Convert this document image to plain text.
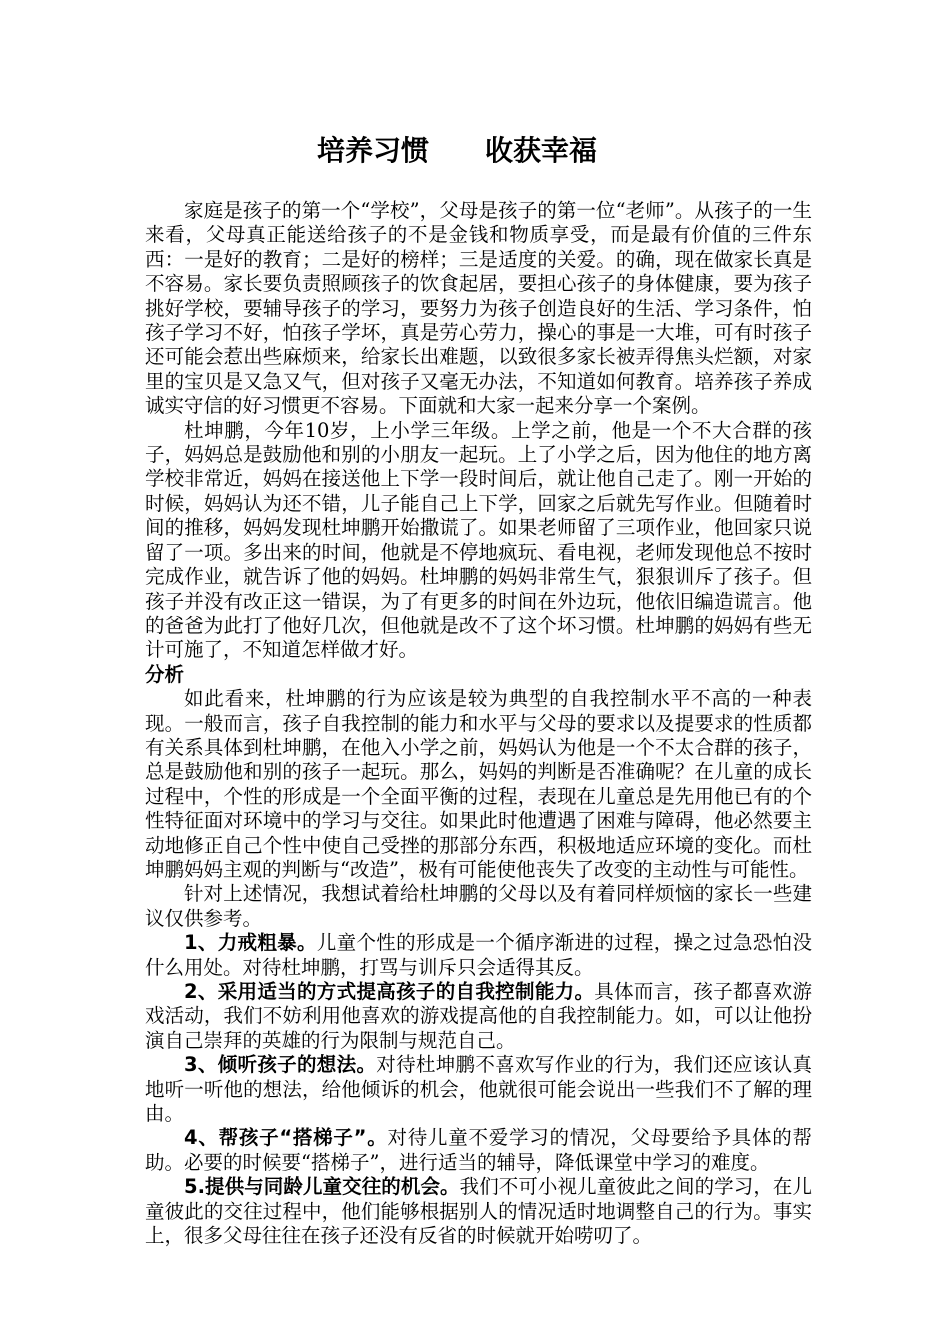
培养习惯　　收获幸福

家庭是孩子的第一个“学校”，父母是孩子的第一位“老师”。从孩子的一生来看，父母真正能送给孩子的不是金钱和物质享受，而是最有价值的三件东西：一是好的教育；二是好的榜样；三是适度的关爱。的确，现在做家长真是不容易。家长要负责照顾孩子的饮食起居，要担心孩子的身体健康，要为孩子挑好学校，要辅导孩子的学习，要努力为孩子创造良好的生活、学习条件，怕孩子学习不好，怕孩子学坏，真是劳心劳力，操心的事是一大堆，可有时孩子还可能会惹出些麻烦来，给家长出难题，以致很多家长被弄得焦头烂额，对家里的宝贝是又急又气，但对孩子又毫无办法，不知道如何教育。培养孩子养成诚实守信的好习惯更不容易。下面就和大家一起来分享一个案例。

杜坤鹏，今年10岁，上小学三年级。上学之前，他是一个不大合群的孩子，妈妈总是鼓励他和别的小朋友一起玩。上了小学之后，因为他住的地方离学校非常近，妈妈在接送他上下学一段时间后，就让他自己走了。刚一开始的时候，妈妈认为还不错，儿子能自己上下学，回家之后就先写作业。但随着时间的推移，妈妈发现杜坤鹏开始撒谎了。如果老师留了三项作业，他回家只说留了一项。多出来的时间，他就是不停地疯玩、看电视，老师发现他总不按时完成作业，就告诉了他的妈妈。杜坤鹏的妈妈非常生气，狠狠训斥了孩子。但孩子并没有改正这一错误，为了有更多的时间在外边玩，他依旧编造谎言。他的爸爸为此打了他好几次，但他就是改不了这个坏习惯。杜坤鹏的妈妈有些无计可施了，不知道怎样做才好。

分析

如此看来，杜坤鹏的行为应该是较为典型的自我控制水平不高的一种表现。一般而言，孩子自我控制的能力和水平与父母的要求以及提要求的性质都有关系具体到杜坤鹏，在他入小学之前，妈妈认为他是一个不太合群的孩子，总是鼓励他和别的孩子一起玩。那么，妈妈的判断是否准确呢？在儿童的成长过程中，个性的形成是一个全面平衡的过程，表现在儿童总是先用他已有的个性特征面对环境中的学习与交往。如果此时他遭遇了困难与障碍，他必然要主动地修正自己个性中使自己受挫的那部分东西，积极地适应环境的变化。而杜坤鹏妈妈主观的判断与“改造”，极有可能使他丧失了改变的主动性与可能性。

针对上述情况，我想试着给杜坤鹏的父母以及有着同样烦恼的家长一些建议仅供参考。

1、力戒粗暴。儿童个性的形成是一个循序渐进的过程，操之过急恐怕没什么用处。对待杜坤鹏，打骂与训斥只会适得其反。

2、采用适当的方式提高孩子的自我控制能力。具体而言，孩子都喜欢游戏活动，我们不妨利用他喜欢的游戏提高他的自我控制能力。如，可以让他扮演自己崇拜的英雄的行为限制与规范自己。

3、倾听孩子的想法。对待杜坤鹏不喜欢写作业的行为，我们还应该认真地听一听他的想法，给他倾诉的机会，他就很可能会说出一些我们不了解的理由。

4、帮孩子“搭梯子”。对待儿童不爱学习的情况，父母要给予具体的帮助。必要的时候要“搭梯子”，进行适当的辅导，降低课堂中学习的难度。

5.提供与同龄儿童交往的机会。我们不可小视儿童彼此之间的学习，在儿童彼此的交往过程中，他们能够根据别人的情况适时地调整自己的行为。事实上，很多父母往往在孩子还没有反省的时候就开始唠叨了。
